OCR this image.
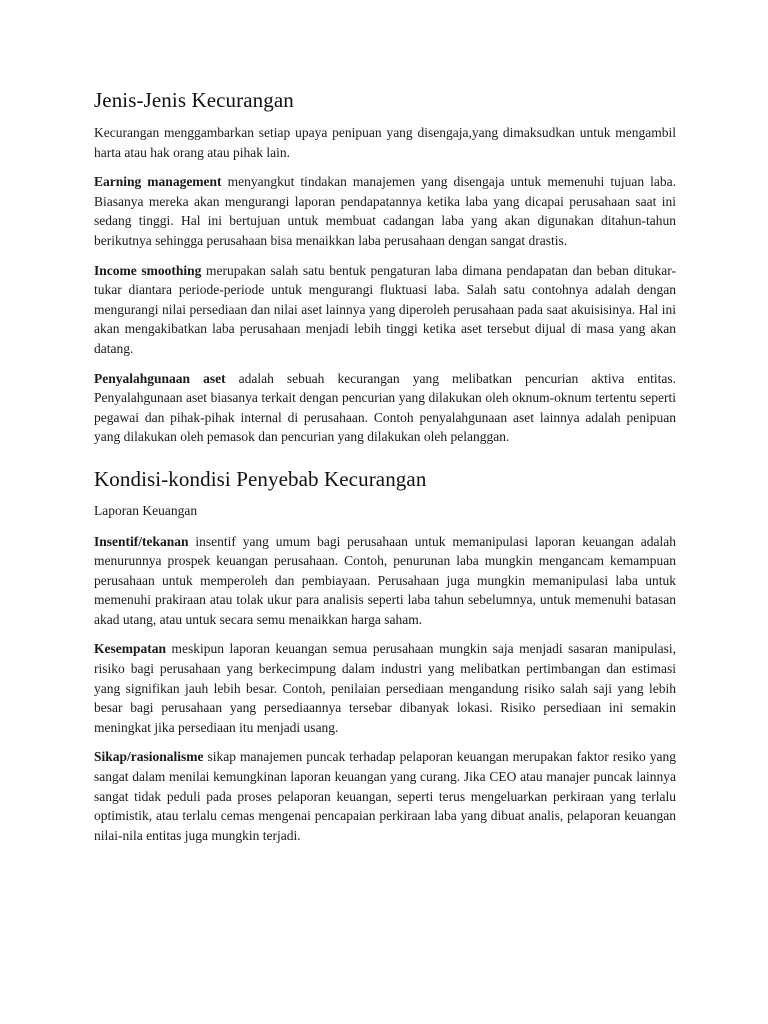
Jenis-Jenis Kecurangan

Kecurangan menggambarkan setiap upaya penipuan yang disengaja,yang dimaksudkan untuk mengambil harta atau hak orang atau pihak lain.

Earning management menyangkut tindakan manajemen yang disengaja untuk memenuhi tujuan laba. Biasanya mereka akan mengurangi laporan pendapatannya ketika laba yang dicapai perusahaan saat ini sedang tinggi. Hal ini bertujuan untuk membuat cadangan laba yang akan digunakan ditahun-tahun berikutnya sehingga perusahaan bisa menaikkan laba perusahaan dengan sangat drastis.

Income smoothing merupakan salah satu bentuk pengaturan laba dimana pendapatan dan beban ditukar-tukar diantara periode-periode untuk mengurangi fluktuasi laba. Salah satu contohnya adalah dengan mengurangi nilai persediaan dan nilai aset lainnya yang diperoleh perusahaan pada saat akuisisinya. Hal ini akan mengakibatkan laba perusahaan menjadi lebih tinggi ketika aset tersebut dijual di masa yang akan datang.

Penyalahgunaan aset adalah sebuah kecurangan yang melibatkan pencurian aktiva entitas. Penyalahgunaan aset biasanya terkait dengan pencurian yang dilakukan oleh oknum-oknum tertentu seperti pegawai dan pihak-pihak internal di perusahaan. Contoh penyalahgunaan aset lainnya adalah penipuan yang dilakukan oleh pemasok dan pencurian yang dilakukan oleh pelanggan.

Kondisi-kondisi Penyebab Kecurangan

Laporan Keuangan

Insentif/tekanan insentif yang umum bagi perusahaan untuk memanipulasi laporan keuangan adalah menurunnya prospek keuangan perusahaan. Contoh, penurunan laba mungkin mengancam kemampuan perusahaan untuk memperoleh dan pembiayaan. Perusahaan juga mungkin memanipulasi laba untuk memenuhi prakiraan atau tolak ukur para analisis seperti laba tahun sebelumnya, untuk memenuhi batasan akad utang, atau untuk secara semu menaikkan harga saham.

Kesempatan meskipun laporan keuangan semua perusahaan mungkin saja menjadi sasaran manipulasi, risiko bagi perusahaan yang berkecimpung dalam industri yang melibatkan pertimbangan dan estimasi yang signifikan jauh lebih besar. Contoh, penilaian persediaan mengandung risiko salah saji yang lebih besar bagi perusahaan yang persediaannya tersebar dibanyak lokasi. Risiko persediaan ini semakin meningkat jika persediaan itu menjadi usang.

Sikap/rasionalisme sikap manajemen puncak terhadap pelaporan keuangan merupakan faktor resiko yang sangat dalam menilai kemungkinan laporan keuangan yang curang. Jika CEO atau manajer puncak lainnya sangat tidak peduli pada proses pelaporan keuangan, seperti terus mengeluarkan perkiraan yang terlalu optimistik, atau terlalu cemas mengenai pencapaian perkiraan laba yang dibuat analis, pelaporan keuangan nilai-nila entitas juga mungkin terjadi.
